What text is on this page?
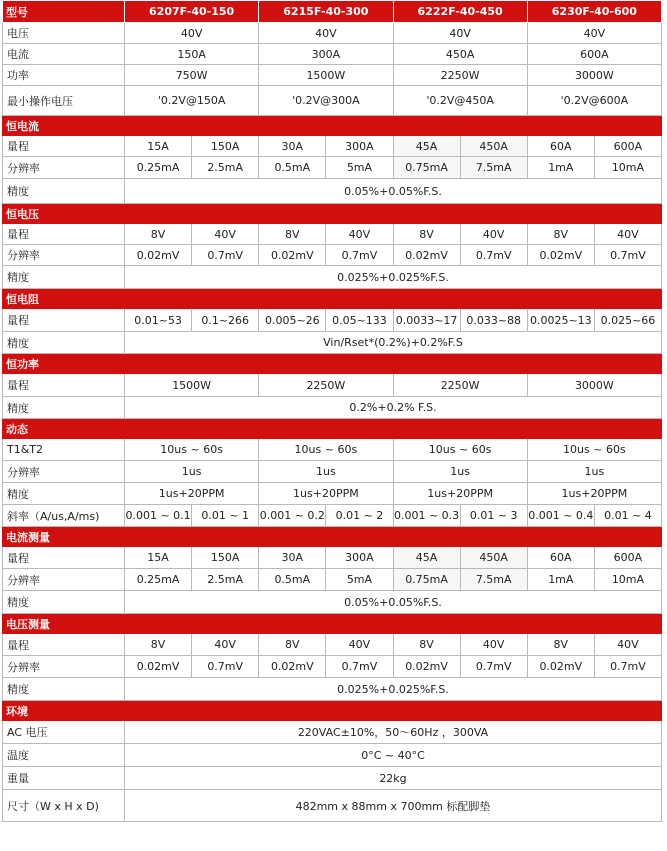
型号	6207F-40-150		6215F-40-300		6222F-40-450		6230F-40-600	
电压	40V		40V		40V		40V	
电流	150A		300A		450A		600A	
功率	750W		1500W		2250W		3000W	
最小操作电压	'0.2V@150A		'0.2V@300A		'0.2V@450A		'0.2V@600A	
恒电流								
量程	15A	150A	30A	300A	45A	450A	60A	600A
分辨率	0.25mA	2.5mA	0.5mA	5mA	0.75mA	7.5mA	1mA	10mA
精度	0.05%+0.05%F.S.							
恒电压								
量程	8V	40V	8V	40V	8V	40V	8V	40V
分辨率	0.02mV	0.7mV	0.02mV	0.7mV	0.02mV	0.7mV	0.02mV	0.7mV
精度	0.025%+0.025%F.S.							
恒电阻								
量程	0.01~53	0.1~266	0.005~26	0.05~133	0.0033~17	0.033~88	0.0025~13	0.025~66
精度	Vin/Rset*(0.2%)+0.2%F.S							
恒功率								
量程	1500W		2250W		2250W		3000W	
精度	0.2%+0.2% F.S.							
动态								
T1&T2	10us ~ 60s		10us ~ 60s		10us ~ 60s		10us ~ 60s	
分辨率	1us		1us		1us		1us	
精度	1us+20PPM		1us+20PPM		1us+20PPM		1us+20PPM	
斜率（A/us,A/ms)	0.001 ~ 0.1	0.01 ~ 1	0.001 ~ 0.2	0.01 ~ 2	0.001 ~ 0.3	0.01 ~ 3	0.001 ~ 0.4	0.01 ~ 4
电流测量								
量程	15A	150A	30A	300A	45A	450A	60A	600A
分辨率	0.25mA	2.5mA	0.5mA	5mA	0.75mA	7.5mA	1mA	10mA
精度	0.05%+0.05%F.S.							
电压测量								
量程	8V	40V	8V	40V	8V	40V	8V	40V
分辨率	0.02mV	0.7mV	0.02mV	0.7mV	0.02mV	0.7mV	0.02mV	0.7mV
精度	0.025%+0.025%F.S.							
环境								
AC 电压	220VAC±10%，50～60Hz ，300VA							
温度	0°C ~ 40°C							
重量	22kg							
尺寸（W x H x D)	482mm x 88mm x 700mm 标配脚垫							
